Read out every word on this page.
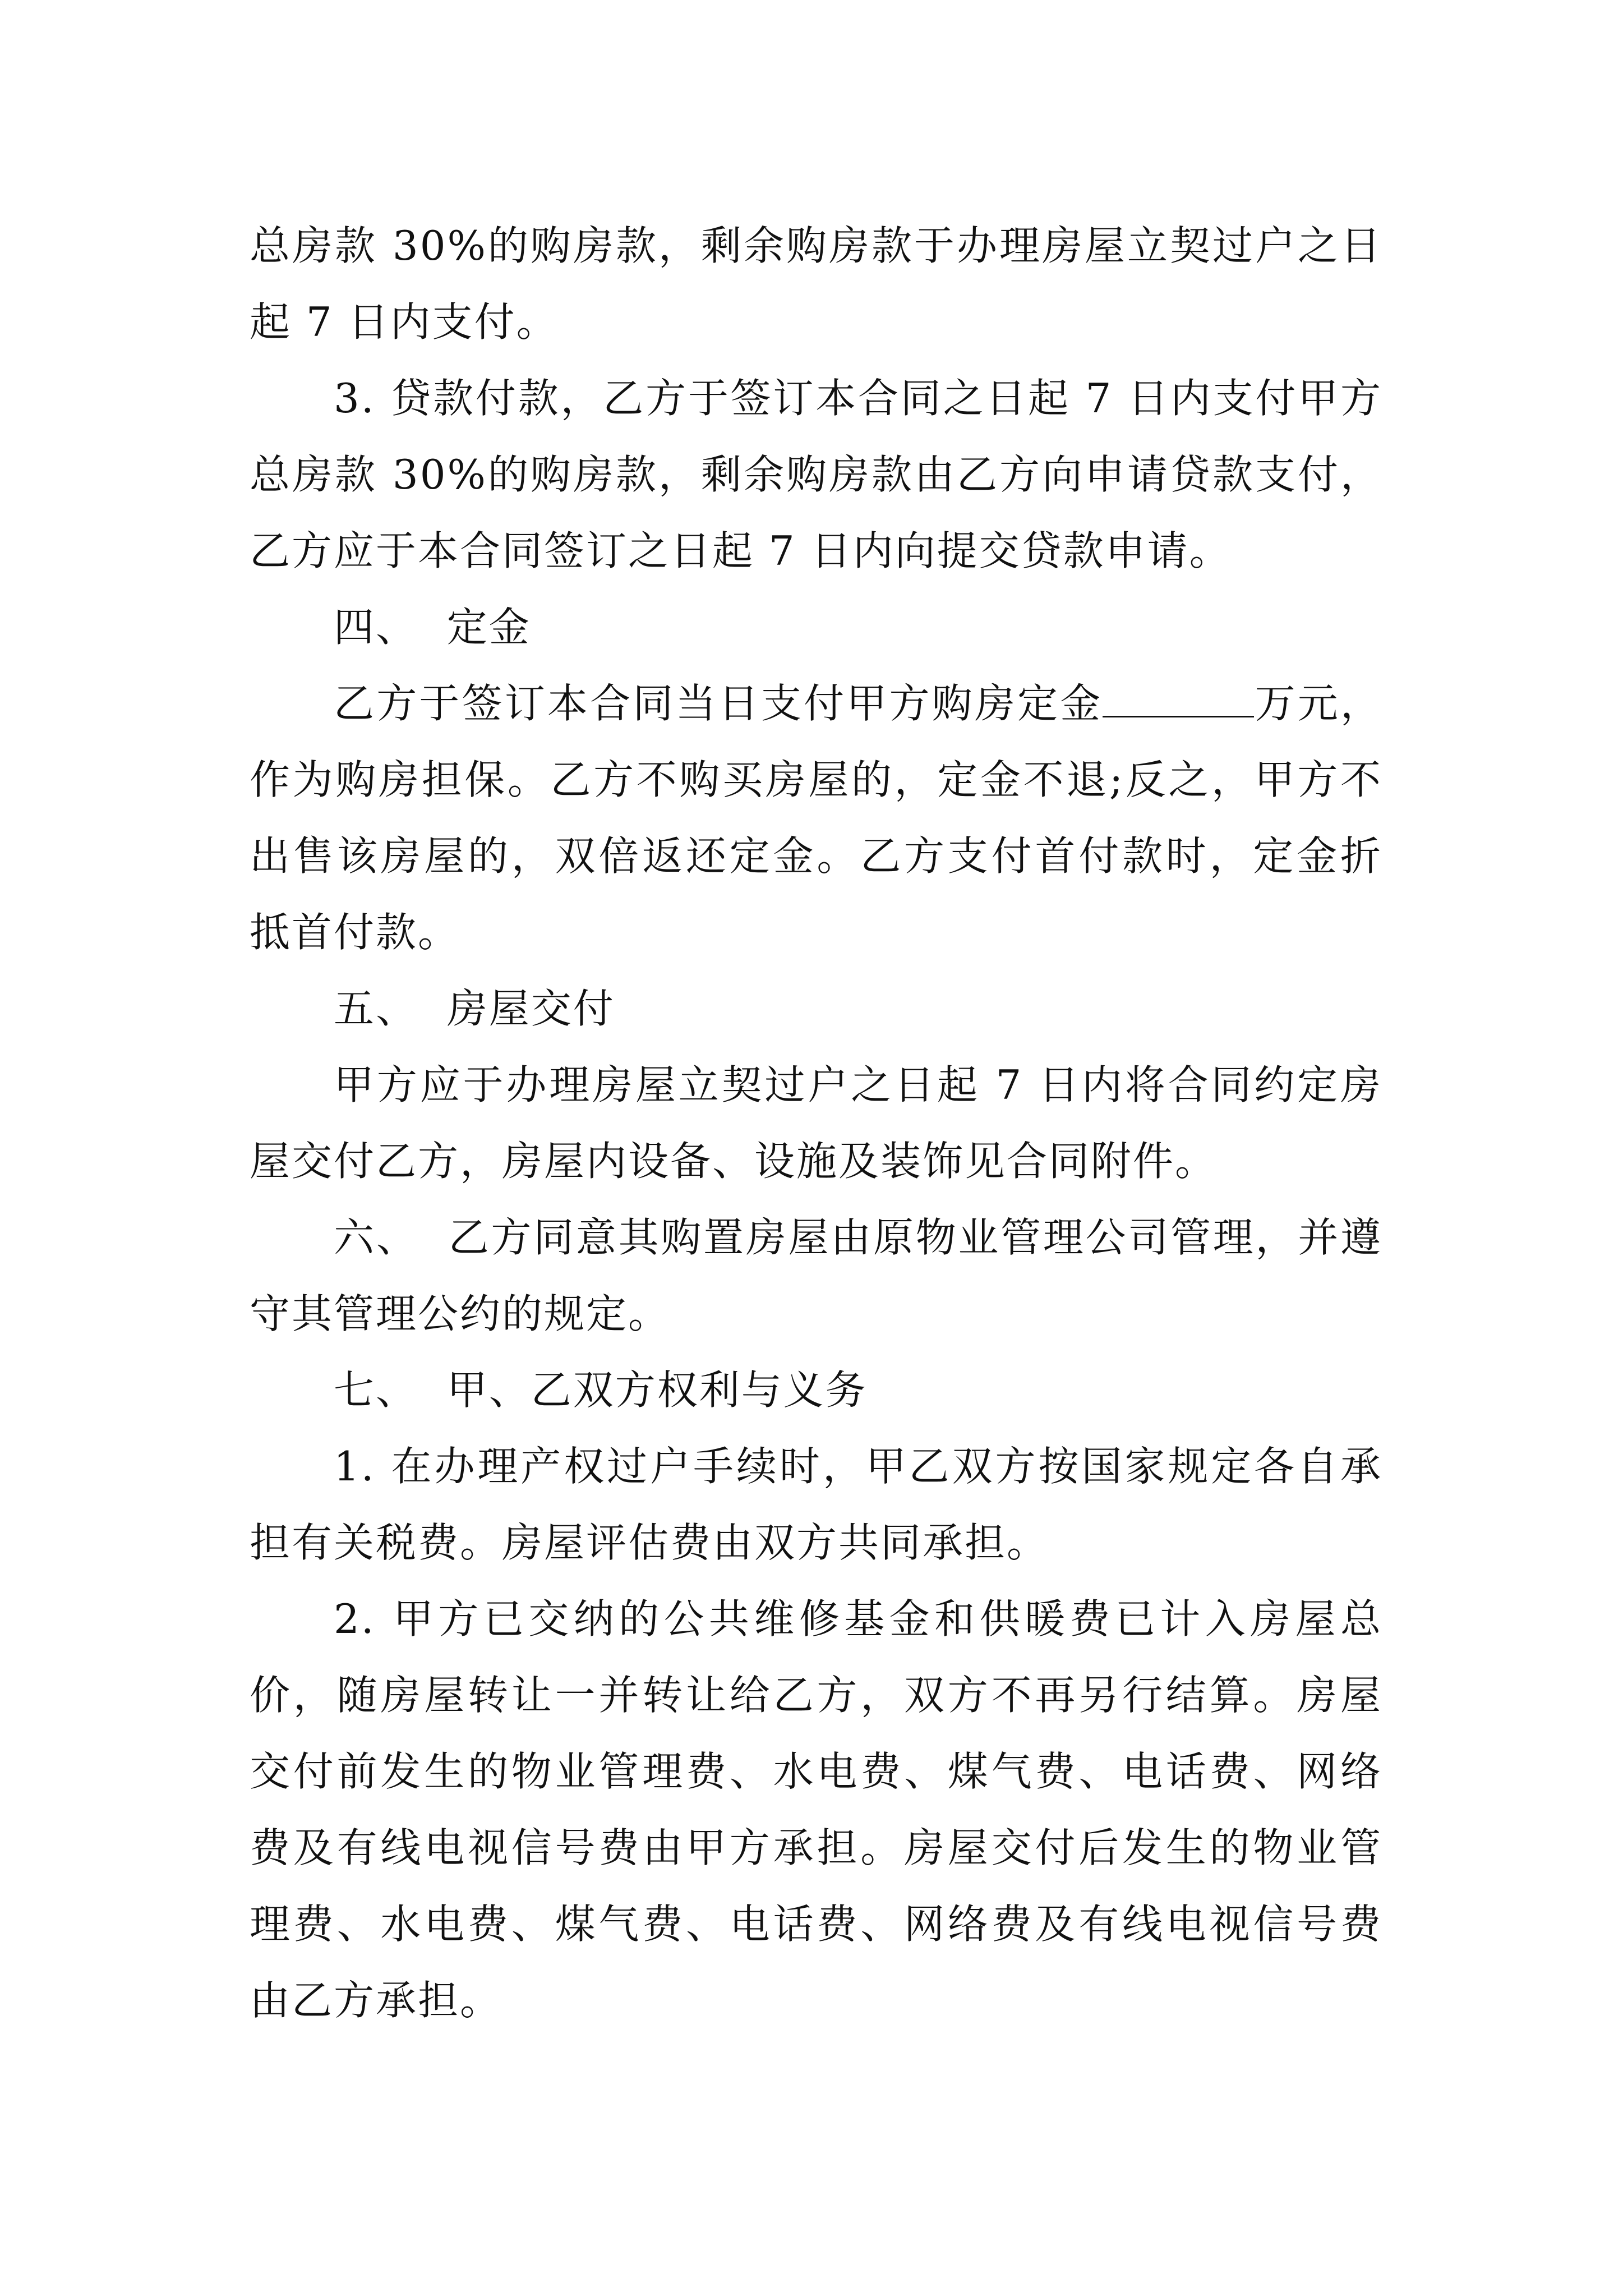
总房款 30%的购房款，剩余购房款于办理房屋立契过户之日起 7 日内支付。

3. 贷款付款，乙方于签订本合同之日起 7 日内支付甲方总房款 30%的购房款，剩余购房款由乙方向申请贷款支付，乙方应于本合同签订之日起 7 日内向提交贷款申请。

四、  定金

乙方于签订本合同当日支付甲方购房定金	万元，作为购房担保。乙方不购买房屋的，定金不退;反之，甲方不出售该房屋的，双倍返还定金。乙方支付首付款时，定金折抵首付款。

五、  房屋交付

甲方应于办理房屋立契过户之日起 7 日内将合同约定房屋交付乙方，房屋内设备、设施及装饰见合同附件。

六、  乙方同意其购置房屋由原物业管理公司管理，并遵守其管理公约的规定。

七、  甲、乙双方权利与义务

1. 在办理产权过户手续时，甲乙双方按国家规定各自承担有关税费。房屋评估费由双方共同承担。

2. 甲方已交纳的公共维修基金和供暖费已计入房屋总价，随房屋转让一并转让给乙方，双方不再另行结算。房屋交付前发生的物业管理费、水电费、煤气费、电话费、网络费及有线电视信号费由甲方承担。房屋交付后发生的物业管理费、水电费、煤气费、电话费、网络费及有线电视信号费由乙方承担。
